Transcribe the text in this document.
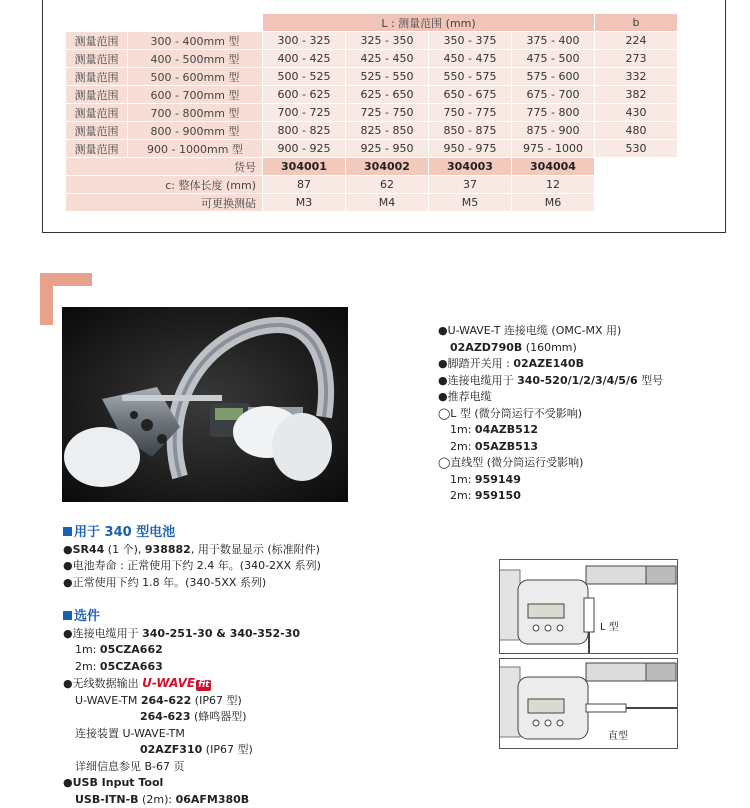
		L : 测量范围 (mm)				b
测量范围	300 - 400mm 型	300 - 325	325 - 350	350 - 375	375 - 400	224
测量范围	400 - 500mm 型	400 - 425	425 - 450	450 - 475	475 - 500	273
测量范围	500 - 600mm 型	500 - 525	525 - 550	550 - 575	575 - 600	332
测量范围	600 - 700mm 型	600 - 625	625 - 650	650 - 675	675 - 700	382
测量范围	700 - 800mm 型	700 - 725	725 - 750	750 - 775	775 - 800	430
测量范围	800 - 900mm 型	800 - 825	825 - 850	850 - 875	875 - 900	480
测量范围	900 - 1000mm 型	900 - 925	925 - 950	950 - 975	975 - 1000	530
货号		304001	304002	304003	304004	
c: 整体长度 (mm)		87	62	37	12	
可更换测砧		M3	M4	M5	M6	
●U-WAVE-T 连接电缆 (OMC-MX 用)
02AZD790B (160mm)
●脚踏开关用 : 02AZE140B
●连接电缆用于 340-520/1/2/3/4/5/6 型号
●推荐电缆
◯L 型 (微分筒运行不受影响)
1m: 04AZB512
2m: 05AZB513
◯直线型 (微分筒运行受影响)
1m: 959149
2m: 959150
用于 340 型电池
●SR44 (1 个), 938882, 用于数显显示 (标准附件)
●电池寿命 : 正常使用下约 2.4 年。(340-2XX 系列)
●正常使用下约 1.8 年。(340-5XX 系列)
选件
●连接电缆用于 340-251-30 & 340-352-30
1m: 05CZA662
2m: 05CZA663
●无线数据输出 U-WAVE fit
U-WAVE-TM 264-622 (IP67 型)
264-623 (蜂鸣器型)
连接装置 U-WAVE-TM
02AZF310 (IP67 型)
详细信息参见 B-67 页
●USB Input Tool
USB-ITN-B (2m): 06AFM380B
L 型
直型
